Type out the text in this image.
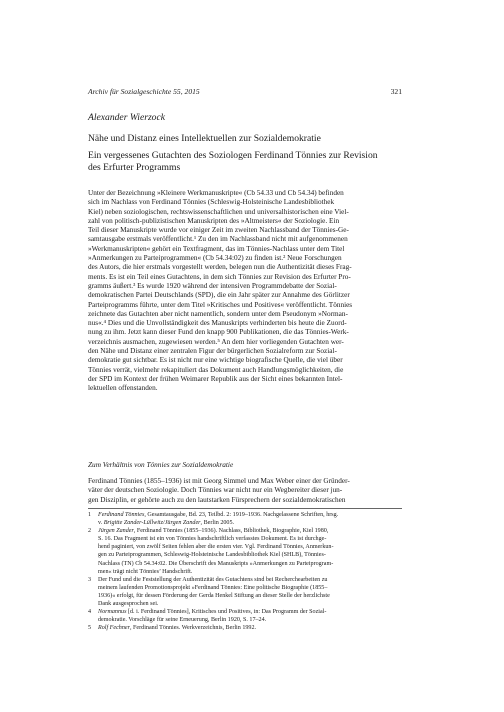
Archiv für Sozialgeschichte 55, 2015	321
Alexander Wierzock
Nähe und Distanz eines Intellektuellen zur Sozialdemokratie
Ein vergessenes Gutachten des Soziologen Ferdinand Tönnies zur Revision des Erfurter Programms
Unter der Bezeichnung »Kleinere Werkmanuskripte« (Cb 54.33 und Cb 54.34) befinden
sich im Nachlass von Ferdinand Tönnies (Schleswig-Holsteinische Landesbibliothek
Kiel) neben soziologischen, rechtswissenschaftlichen und universalhistorischen eine Viel-
zahl von politisch-publizistischen Manuskripten des »Altmeisters« der Soziologie. Ein
Teil dieser Manuskripte wurde vor einiger Zeit im zweiten Nachlassband der Tönnies-Ge-
samtausgabe erstmals veröffentlicht.¹ Zu den im Nachlassband nicht mit aufgenommenen
»Werkmanuskripten« gehört ein Textfragment, das im Tönnies-Nachlass unter dem Titel
»Anmerkungen zu Parteiprogrammen« (Cb 54.34:02) zu finden ist.² Neue Forschungen
des Autors, die hier erstmals vorgestellt werden, belegen nun die Authentizität dieses Frag-
ments. Es ist ein Teil eines Gutachtens, in dem sich Tönnies zur Revision des Erfurter Pro-
gramms äußert.³ Es wurde 1920 während der intensiven Programmdebatte der Sozial-
demokratischen Partei Deutschlands (SPD), die ein Jahr später zur Annahme des Görlitzer
Parteiprogramms führte, unter dem Titel »Kritisches und Positives« veröffentlicht. Tönnies
zeichnete das Gutachten aber nicht namentlich, sondern unter dem Pseudonym »Norman-
nus«.⁴ Dies und die Unvollständigkeit des Manuskripts verhinderten bis heute die Zuord-
nung zu ihm. Jetzt kann dieser Fund den knapp 900 Publikationen, die das Tönnies-Werk-
verzeichnis ausmachen, zugewiesen werden.⁵ An dem hier vorliegenden Gutachten wer-
den Nähe und Distanz einer zentralen Figur der bürgerlichen Sozialreform zur Sozial-
demokratie gut sichtbar. Es ist nicht nur eine wichtige biografische Quelle, die viel über
Tönnies verrät, vielmehr rekapituliert das Dokument auch Handlungsmöglichkeiten, die
der SPD im Kontext der frühen Weimarer Republik aus der Sicht eines bekannten Intel-
lektuellen offenstanden.
Zum Verhältnis von Tönnies zur Sozialdemokratie
Ferdinand Tönnies (1855–1936) ist mit Georg Simmel und Max Weber einer der Gründer-
väter der deutschen Soziologie. Doch Tönnies war nicht nur ein Wegbereiter dieser jun-
gen Disziplin, er gehörte auch zu den lautstarken Fürsprechern der sozialdemokratischen
1 Ferdinand Tönnies, Gesamtausgabe, Bd. 23, Teilbd. 2: 1919–1936. Nachgelassene Schriften, hrsg.
v. Brigitte Zander-Lüllwitz/Jürgen Zander, Berlin 2005.
2 Jürgen Zander, Ferdinand Tönnies (1855–1936). Nachlass, Bibliothek, Biographie, Kiel 1980,
S. 16. Das Fragment ist ein von Tönnies handschriftlich verfasstes Dokument. Es ist durchge-
hend paginiert, von zwölf Seiten fehlen aber die ersten vier. Vgl. Ferdinand Tönnies, Anmerkun-
gen zu Parteiprogrammen, Schleswig-Holsteinische Landesbibliothek Kiel (SHLB), Tönnies-
Nachlass (TN) Cb 54.34:02. Die Überschrift des Manuskripts »Anmerkungen zu Parteiprogram-
men« trägt nicht Tönnies’ Handschrift.
3 Der Fund und die Feststellung der Authentizität des Gutachtens sind bei Recherchearbeiten zu
meinem laufenden Promotionsprojekt »Ferdinand Tönnies: Eine politische Biographie (1855–
1936)« erfolgt, für dessen Förderung der Gerda Henkel Stiftung an dieser Stelle der herzlichste
Dank ausgesprochen sei.
4 Normannus [d. i. Ferdinand Tönnies], Kritisches und Positives, in: Das Programm der Sozial-
demokratie. Vorschläge für seine Erneuerung, Berlin 1920, S. 17–24.
5 Rolf Fechner, Ferdinand Tönnies. Werkverzeichnis, Berlin 1992.
